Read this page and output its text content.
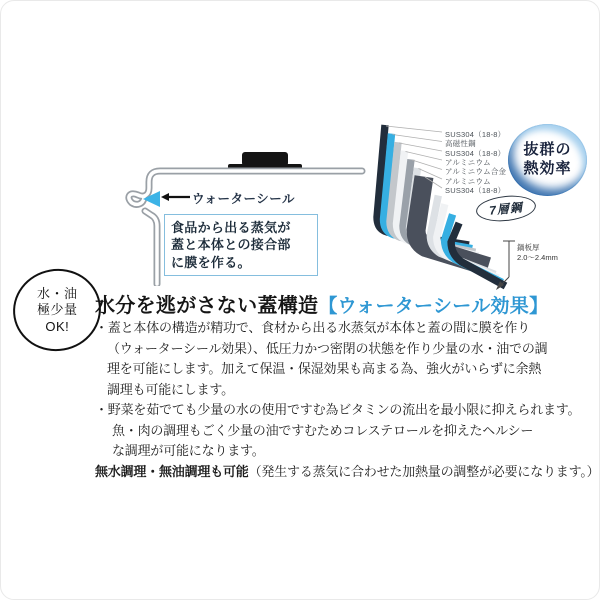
ウォーターシール
食品から出る蒸気が
蓋と本体との接合部
に膜を作る。
SUS304（18-8）
高磁性鋼
SUS304（18-8）
アルミニウム
アルミニウム合金
アルミニウム
SUS304（18-8）
7層鋼
抜群の
熱効率
鍋板厚
2.0～2.4mm
水・油
極少量
OK!
水分を逃がさない蓋構造【ウォーターシール効果】
・蓋と本体の構造が精功で、食材から出る水蒸気が本体と蓋の間に膜を作り
（ウォーターシール効果）、低圧力かつ密閉の状態を作り少量の水・油での調
理を可能にします。加えて保温・保湿効果も高まる為、強火がいらずに余熱
調理も可能にします。
・野菜を茹でても少量の水の使用ですむ為ビタミンの流出を最小限に抑えられます。
魚・肉の調理もごく少量の油ですむためコレステロールを抑えたヘルシー
な調理が可能になります。
無水調理・無油調理も可能（発生する蒸気に合わせた加熱量の調整が必要になります。）
